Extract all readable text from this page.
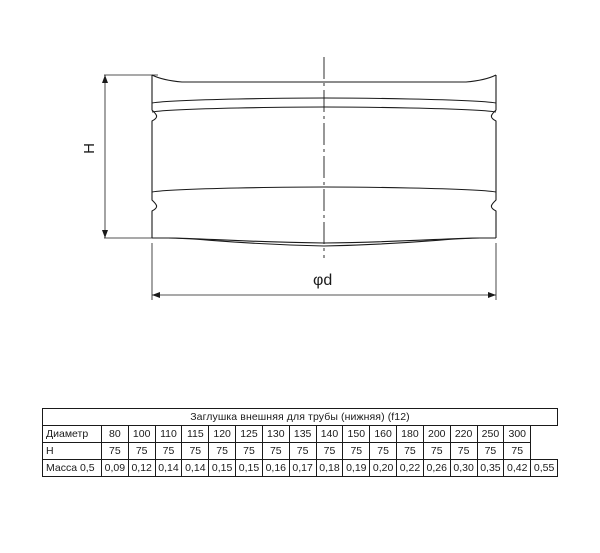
H
φd
Заглушка внешняя для трубы (нижняя) (f12)																	
Диаметр	80	100	110	115	120	125	130	135	140	150	160	180	200	220	250	300	
H	75	75	75	75	75	75	75	75	75	75	75	75	75	75	75	75	
Масса 0,5	0,09	0,12	0,14	0,14	0,15	0,15	0,16	0,17	0,18	0,19	0,20	0,22	0,26	0,30	0,35	0,42	0,55
